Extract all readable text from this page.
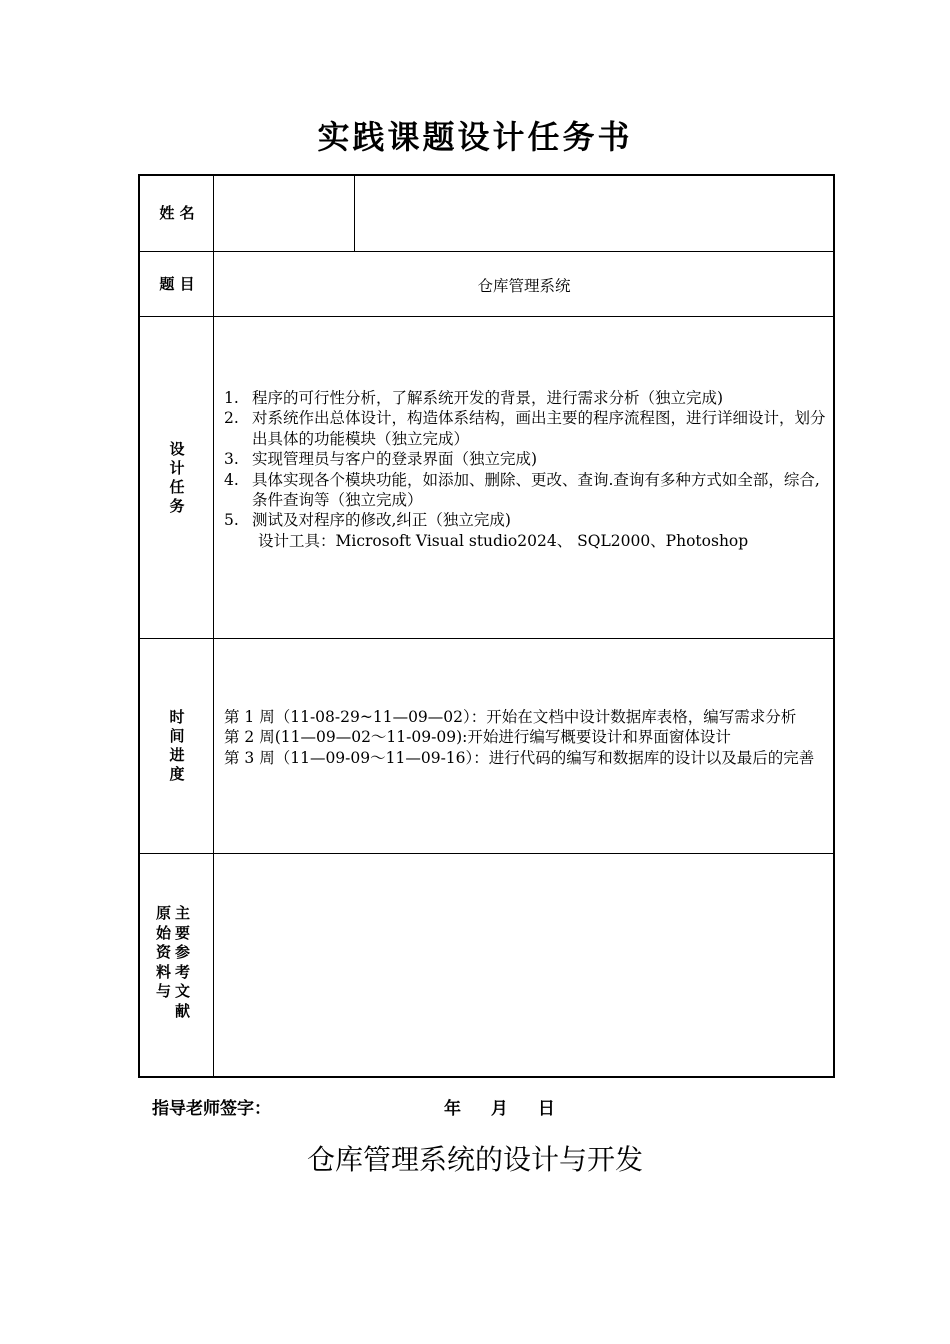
实践课题设计任务书
姓
名
题
目	仓库管理系统
设
计
任
务
1. 程序的可行性分析，了解系统开发的背景，进行需求分析（独立完成)
2. 对系统作出总体设计，构造体系结构，画出主要的程序流程图，进行详细设计，划分出具体的功能模块（独立完成）
3. 实现管理员与客户的登录界面（独立完成)
4. 具体实现各个模块功能，如添加、删除、更改、查询.查询有多种方式如全部，综合,条件查询等（独立完成）
5. 测试及对程序的修改,纠正（独立完成)
设计工具：Microsoft Visual studio2024、 SQL2000、Photoshop
时
间
进
度
第 1 周（11-08-29~11—09—02）：开始在文档中设计数据库表格，编写需求分析
第 2 周(11—09—02～11-09-09):开始进行编写概要设计和界面窗体设计
第 3 周（11—09-09～11—09-16）：进行代码的编写和数据库的设计以及最后的完善
原
始
资
料
与
主
要
参
考
文
献
指导老师签字：	年 月 日
仓库管理系统的设计与开发
